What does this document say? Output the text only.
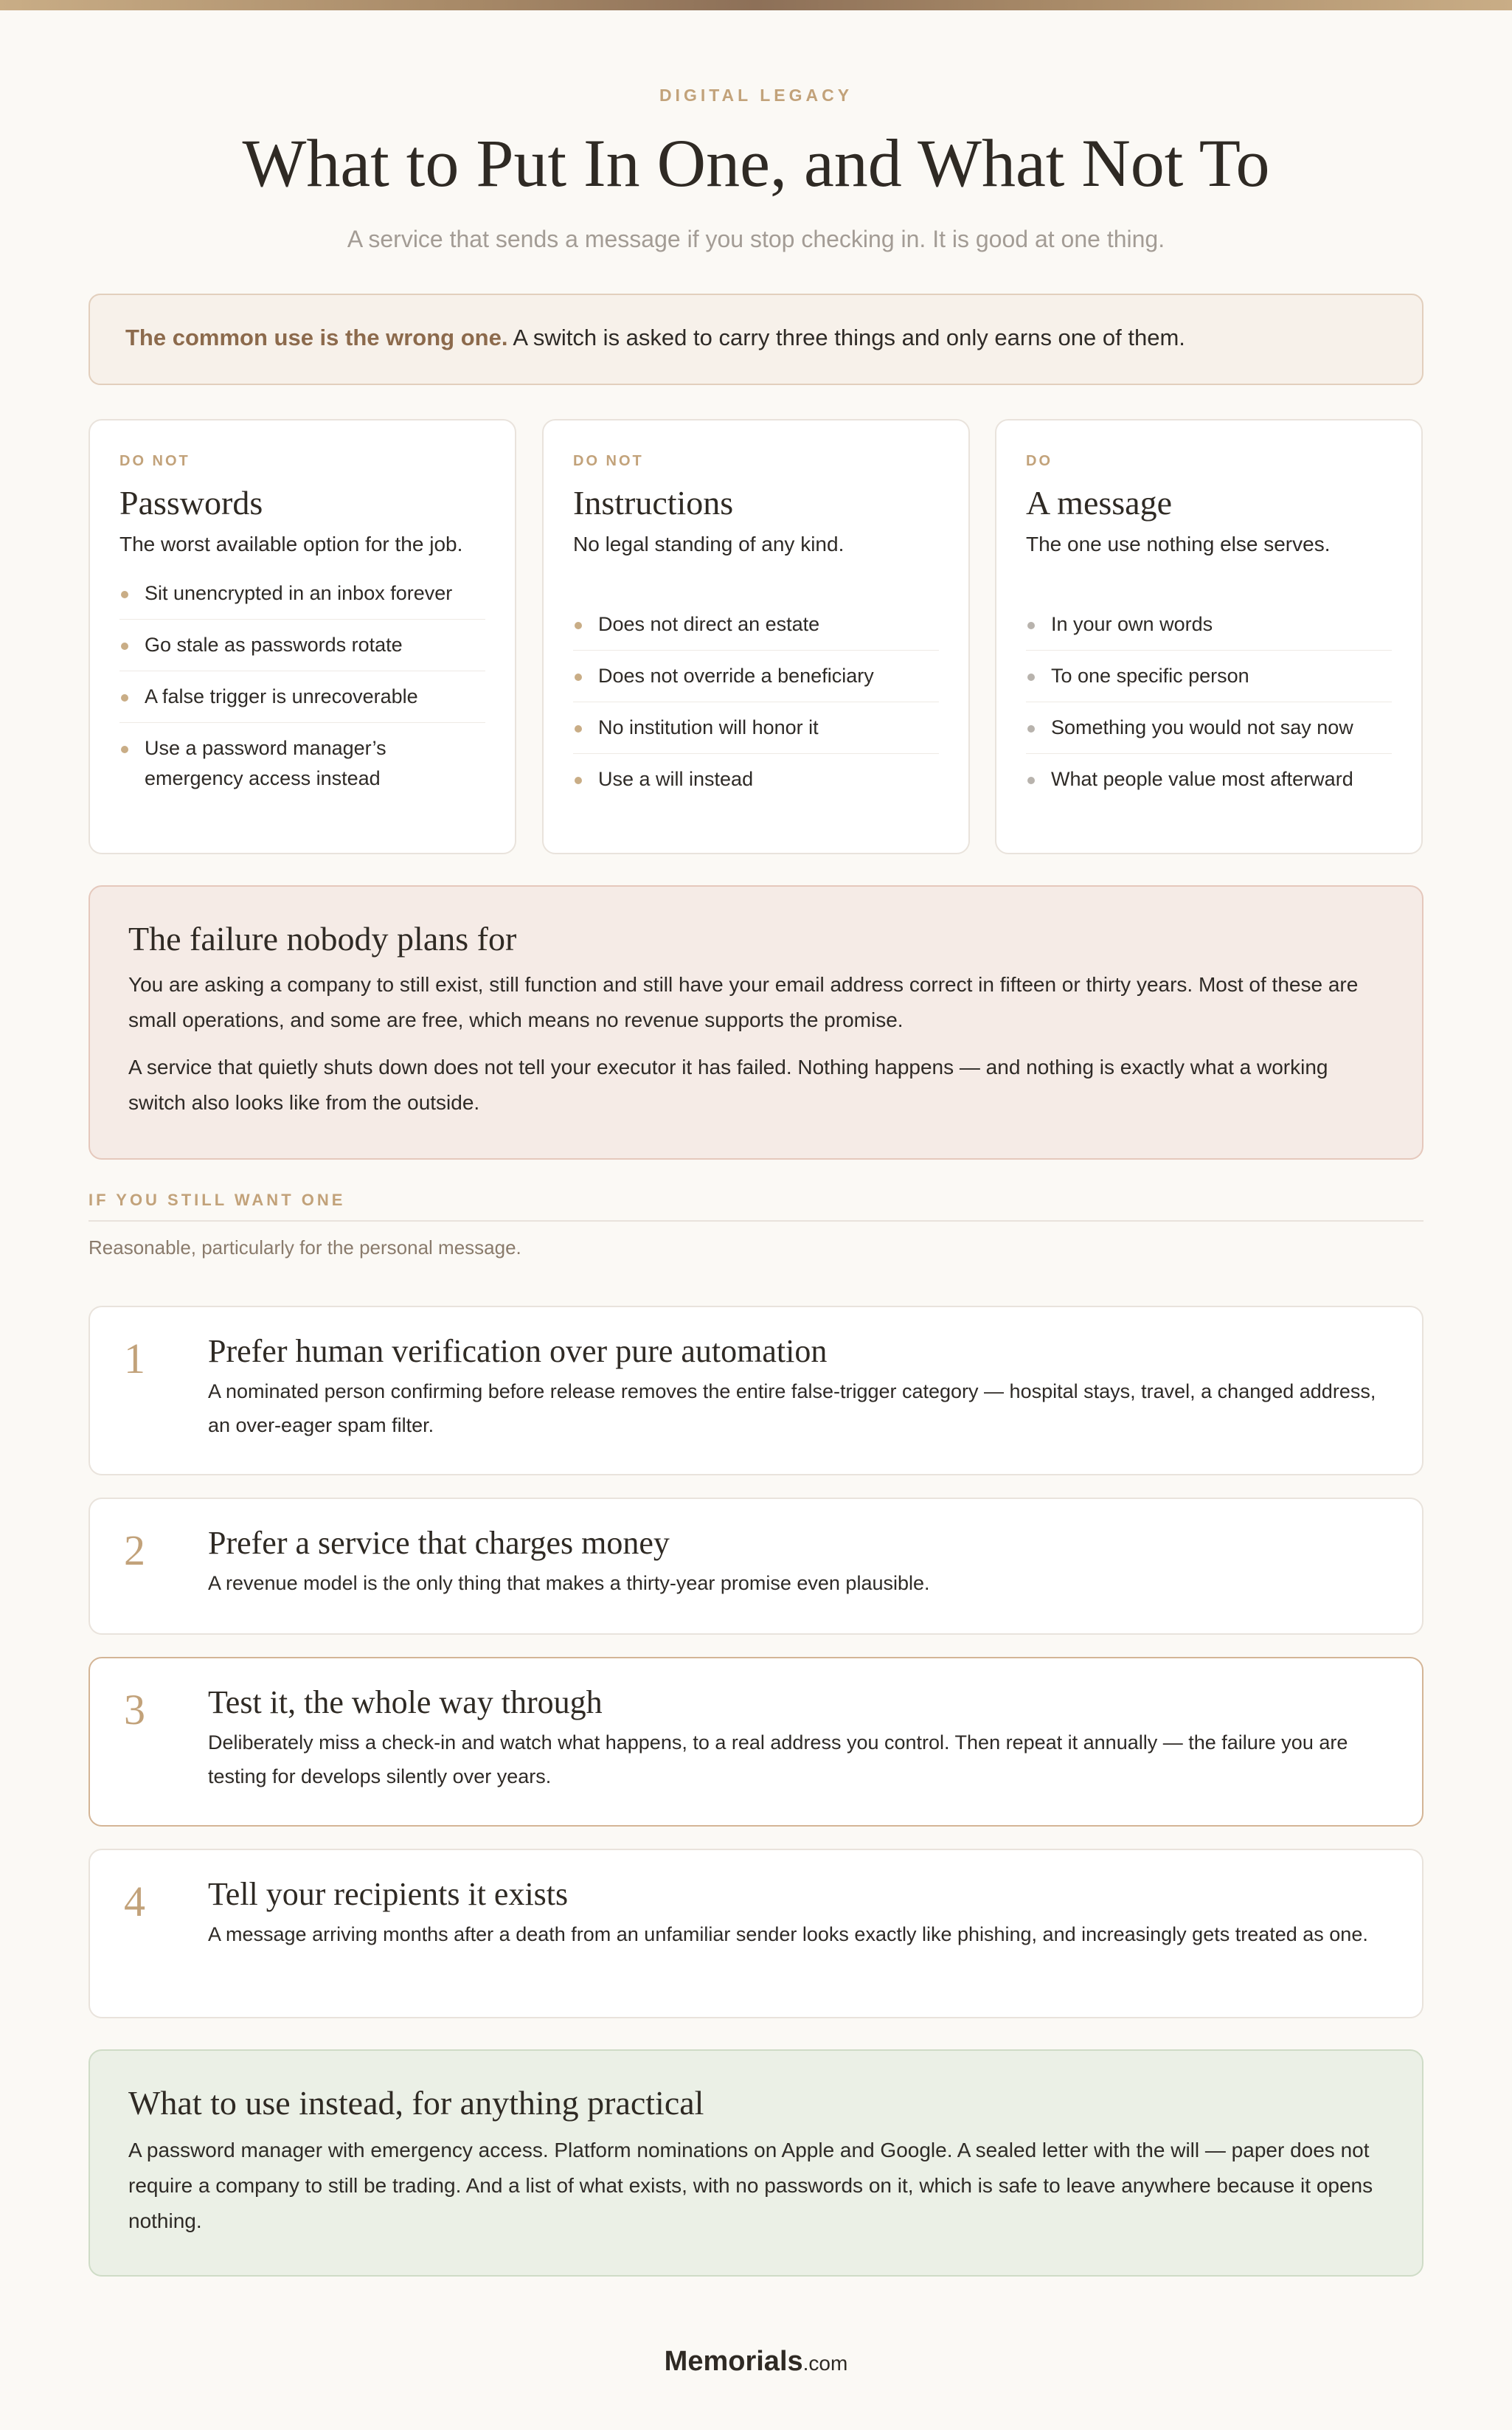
DIGITAL LEGACY
What to Put In One, and What Not To
A service that sends a message if you stop checking in. It is good at one thing.
The common use is the wrong one. A switch is asked to carry three things and only earns one of them.
DO NOT
Passwords
The worst available option for the job.
Sit unencrypted in an inbox forever
Go stale as passwords rotate
A false trigger is unrecoverable
Use a password manager’s emergency access instead
DO NOT
Instructions
No legal standing of any kind.
Does not direct an estate
Does not override a beneficiary
No institution will honor it
Use a will instead
DO
A message
The one use nothing else serves.
In your own words
To one specific person
Something you would not say now
What people value most afterward
The failure nobody plans for

You are asking a company to still exist, still function and still have your email address correct in fifteen or thirty years. Most of these are small operations, and some are free, which means no revenue supports the promise.

A service that quietly shuts down does not tell your executor it has failed. Nothing happens — and nothing is exactly what a working switch also looks like from the outside.

IF YOU STILL WANT ONE
Reasonable, particularly for the personal message.
1 Prefer human verification over pure automation

A nominated person confirming before release removes the entire false-trigger category — hospital stays, travel, a changed address, an over-eager spam filter.

2 Prefer a service that charges money

A revenue model is the only thing that makes a thirty-year promise even plausible.

3 Test it, the whole way through

Deliberately miss a check-in and watch what happens, to a real address you control. Then repeat it annually — the failure you are testing for develops silently over years.

4 Tell your recipients it exists

A message arriving months after a death from an unfamiliar sender looks exactly like phishing, and increasingly gets treated as one.

What to use instead, for anything practical

A password manager with emergency access. Platform nominations on Apple and Google. A sealed letter with the will — paper does not require a company to still be trading. And a list of what exists, with no passwords on it, which is safe to leave anywhere because it opens nothing.

Memorials.com
